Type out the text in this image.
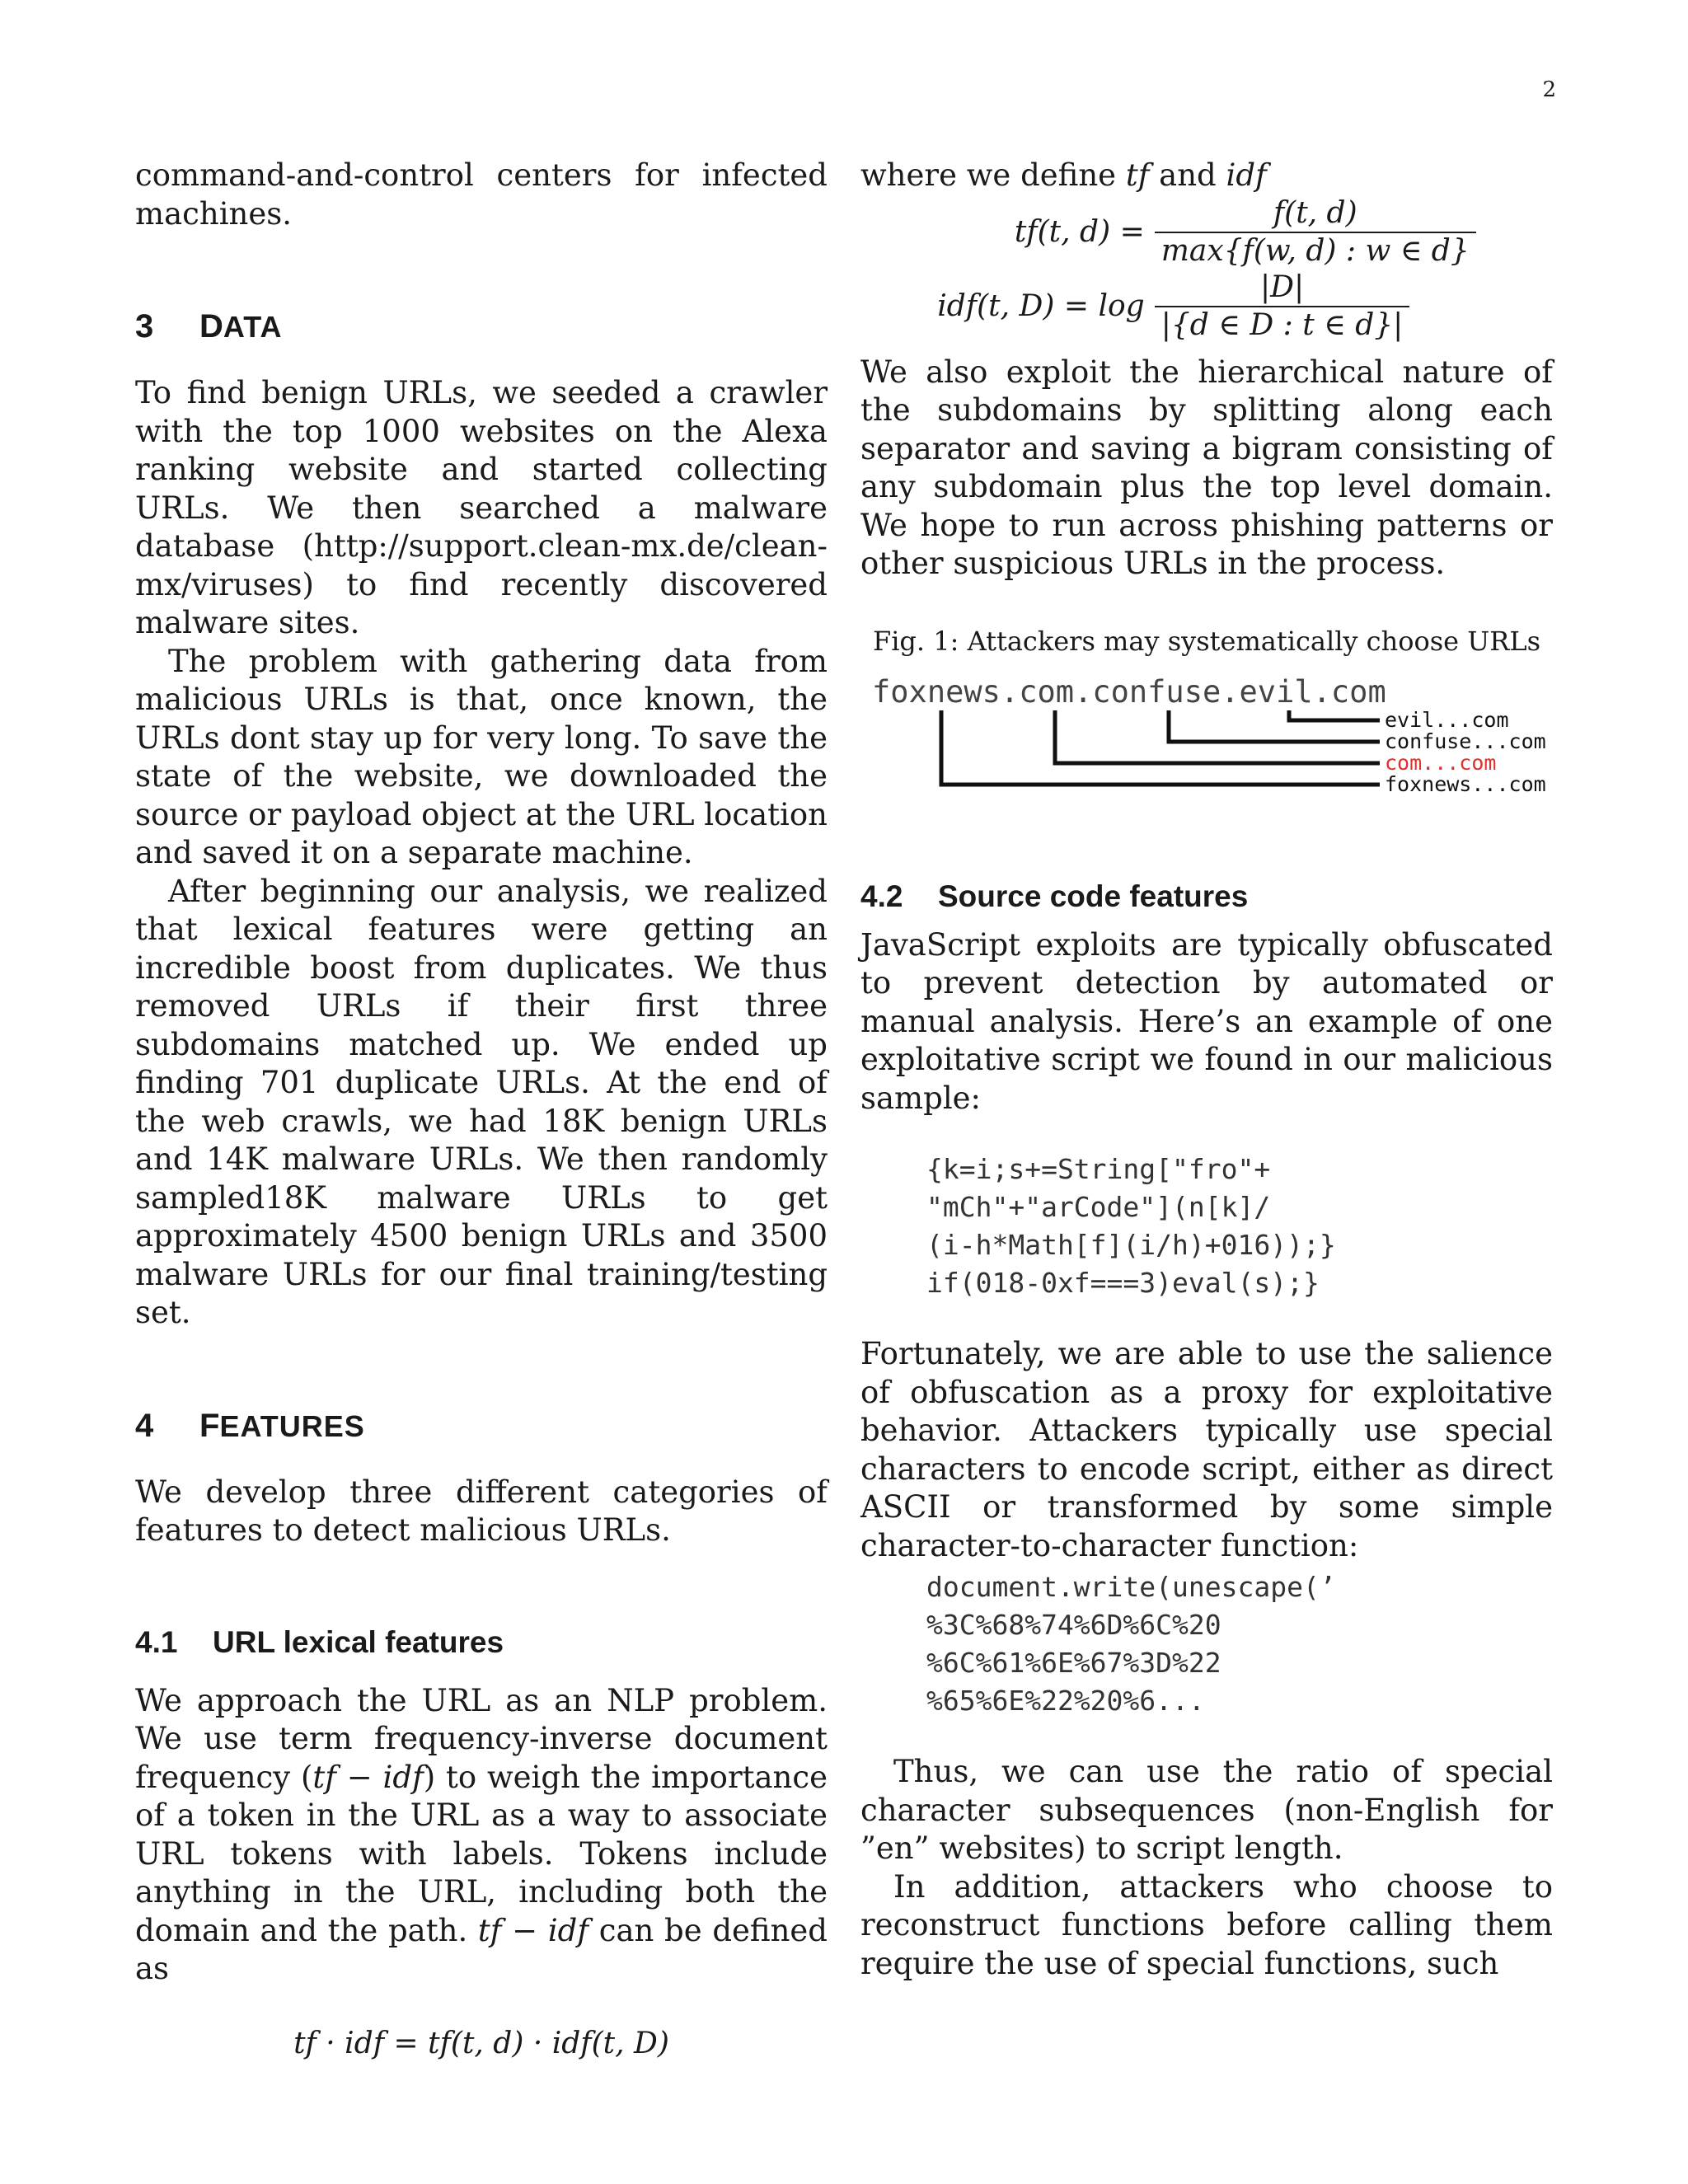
2

command-and-control centers for infected machines.

3 DATA

To find benign URLs, we seeded a crawler with the top 1000 websites on the Alexa ranking website and started collecting URLs. We then searched a malware database (http://support.clean-mx.de/clean-mx/viruses) to find recently discovered malware sites.

The problem with gathering data from malicious URLs is that, once known, the URLs dont stay up for very long. To save the state of the website, we downloaded the source or payload object at the URL location and saved it on a separate machine.

After beginning our analysis, we realized that lexical features were getting an incredible boost from duplicates. We thus removed URLs if their first three subdomains matched up. We ended up finding 701 duplicate URLs. At the end of the web crawls, we had 18K benign URLs and 14K malware URLs. We then randomly sampled18K malware URLs to get approximately 4500 benign URLs and 3500 malware URLs for our final training/testing set.

4 FEATURES

We develop three different categories of features to detect malicious URLs.

4.1 URL lexical features

We approach the URL as an NLP problem. We use term frequency-inverse document frequency (tf − idf) to weigh the importance of a token in the URL as a way to associate URL tokens with labels. Tokens include anything in the URL, including both the domain and the path. tf − idf can be defined as

tf · idf = tf(t, d) · idf(t, D)

where we define tf and idf

tf(t, d) =	$\frac{f(t, d)}{\max\{f(w, d) : w \in d\}}$

idf(t, D) = log	$\frac{|D|}{|\{d \in D : t \in d\}|}$

We also exploit the hierarchical nature of the subdomains by splitting along each separator and saving a bigram consisting of any subdomain plus the top level domain. We hope to run across phishing patterns or other suspicious URLs in the process.

Fig. 1: Attackers may systematically choose URLs
foxnews.com.confuse.evil.com
evil...com
confuse...com
com...com
foxnews...com
4.2 Source code features

JavaScript exploits are typically obfuscated to prevent detection by automated or manual analysis. Here’s an example of one exploitative script we found in our malicious sample:

{k=i;s+=String["fro"+
"mCh"+"arCode"](n[k]/
(i-h*Math[f](i/h)+016));}
if(018-0xf===3)eval(s);}

Fortunately, we are able to use the salience of obfuscation as a proxy for exploitative behavior. Attackers typically use special characters to encode script, either as direct ASCII or transformed by some simple character-to-character function:

document.write(unescape(’
%3C%68%74%6D%6C%20
%6C%61%6E%67%3D%22
%65%6E%22%20%6...

Thus, we can use the ratio of special character subsequences (non-English for ”en” websites) to script length.

In addition, attackers who choose to reconstruct functions before calling them require the use of special functions, such
